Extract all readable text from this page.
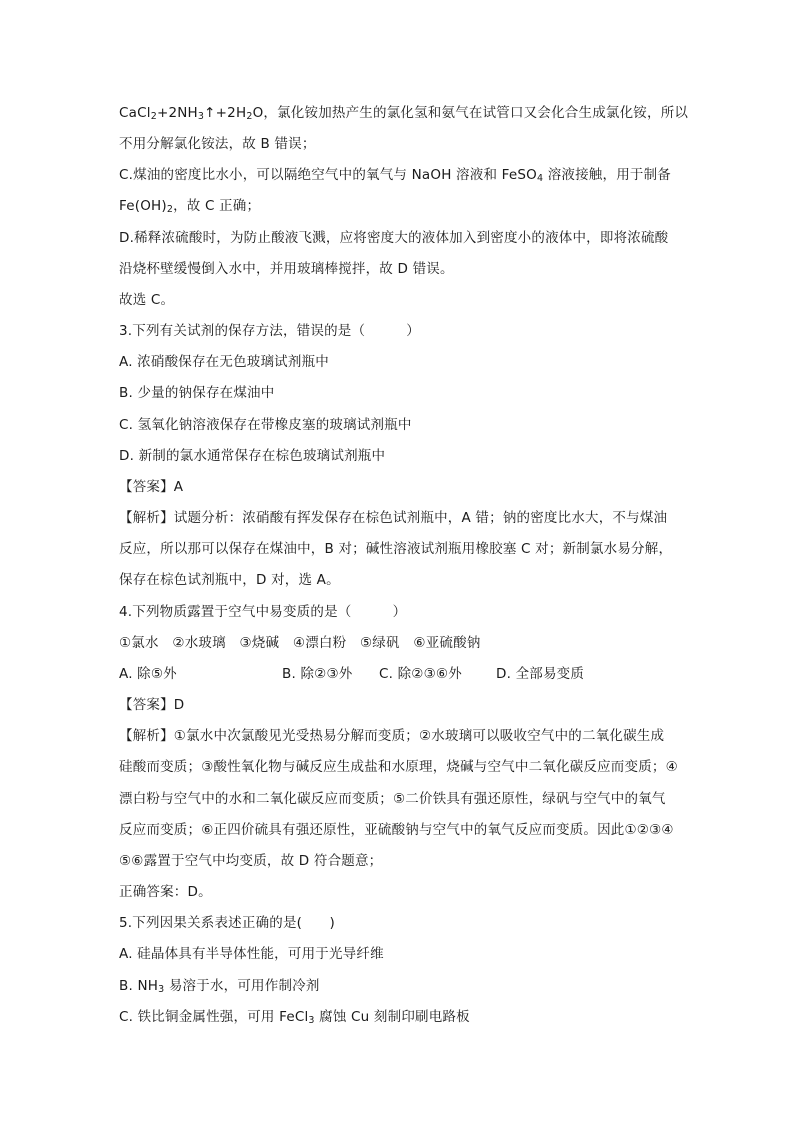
$CaCl_2+2NH_3↑+2H_2O$，氯化铵加热产生的氯化氢和氨气在试管口又会化合生成氯化铵，所以
不用分解氯化铵法，故 B 错误；
C.煤油的密度比水小，可以隔绝空气中的氧气与 NaOH 溶液和 FeSO$_4$ 溶液接触，用于制备
$Fe(OH)_2$，故 C 正确；
D.稀释浓硫酸时，为防止酸液飞溅，应将密度大的液体加入到密度小的液体中，即将浓硫酸
沿烧杯壁缓慢倒入水中，并用玻璃棒搅拌，故 D 错误。
故选 C。
3.下列有关试剂的保存方法，错误的是（　　　）
A. 浓硝酸保存在无色玻璃试剂瓶中
B. 少量的钠保存在煤油中
C. 氢氧化钠溶液保存在带橡皮塞的玻璃试剂瓶中
D. 新制的氯水通常保存在棕色玻璃试剂瓶中
【答案】A
【解析】试题分析：浓硝酸有挥发保存在棕色试剂瓶中，A 错；钠的密度比水大，不与煤油
反应，所以那可以保存在煤油中，B 对；碱性溶液试剂瓶用橡胶塞 C 对；新制氯水易分解，
保存在棕色试剂瓶中，D 对，选 A。
4.下列物质露置于空气中易变质的是（　　　）
①氯水　②水玻璃　③烧碱　④漂白粉　⑤绿矾　⑥亚硫酸钠
A. 除⑤外	B. 除②③外 C. 除②③⑥外	D. 全部易变质
【答案】D
【解析】①氯水中次氯酸见光受热易分解而变质；②水玻璃可以吸收空气中的二氧化碳生成
硅酸而变质；③酸性氧化物与碱反应生成盐和水原理，烧碱与空气中二氧化碳反应而变质；④
漂白粉与空气中的水和二氧化碳反应而变质；⑤二价铁具有强还原性，绿矾与空气中的氧气
反应而变质；⑥正四价硫具有强还原性，亚硫酸钠与空气中的氧气反应而变质。因此①②③④
⑤⑥露置于空气中均变质，故 D 符合题意；
正确答案：D。
5.下列因果关系表述正确的是(　　)
A. 硅晶体具有半导体性能，可用于光导纤维
B. $NH_3$ 易溶于水，可用作制冷剂
C. 铁比铜金属性强，可用 FeCl$_3$ 腐蚀 Cu 刻制印刷电路板
